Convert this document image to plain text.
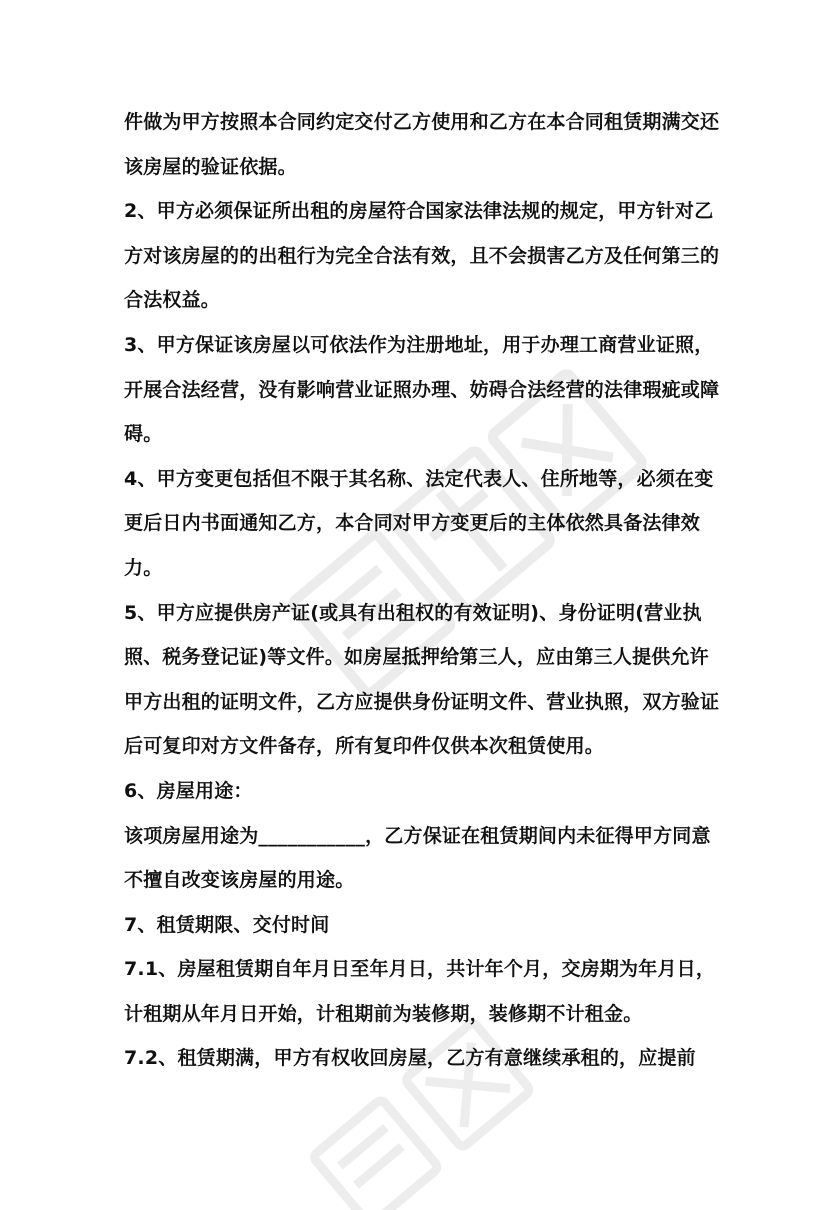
件做为甲方按照本合同约定交付乙方使用和乙方在本合同租赁期满交还该房屋的验证依据。

2、甲方必须保证所出租的房屋符合国家法律法规的规定，甲方针对乙方对该房屋的的出租行为完全合法有效，且不会损害乙方及任何第三的合法权益。

3、甲方保证该房屋以可依法作为注册地址，用于办理工商营业证照，开展合法经营，没有影响营业证照办理、妨碍合法经营的法律瑕疵或障碍。

4、甲方变更包括但不限于其名称、法定代表人、住所地等，必须在变更后日内书面通知乙方，本合同对甲方变更后的主体依然具备法律效力。

5、甲方应提供房产证(或具有出租权的有效证明)、身份证明(营业执照、税务登记证)等文件。如房屋抵押给第三人，应由第三人提供允许甲方出租的证明文件，乙方应提供身份证明文件、营业执照，双方验证后可复印对方文件备存，所有复印件仅供本次租赁使用。

6、房屋用途：

该项房屋用途为___________，乙方保证在租赁期间内未征得甲方同意不擅自改变该房屋的用途。

7、租赁期限、交付时间

7.1、房屋租赁期自年月日至年月日，共计年个月，交房期为年月日，计租期从年月日开始，计租期前为装修期，装修期不计租金。

7.2、租赁期满，甲方有权收回房屋，乙方有意继续承租的，应提前
